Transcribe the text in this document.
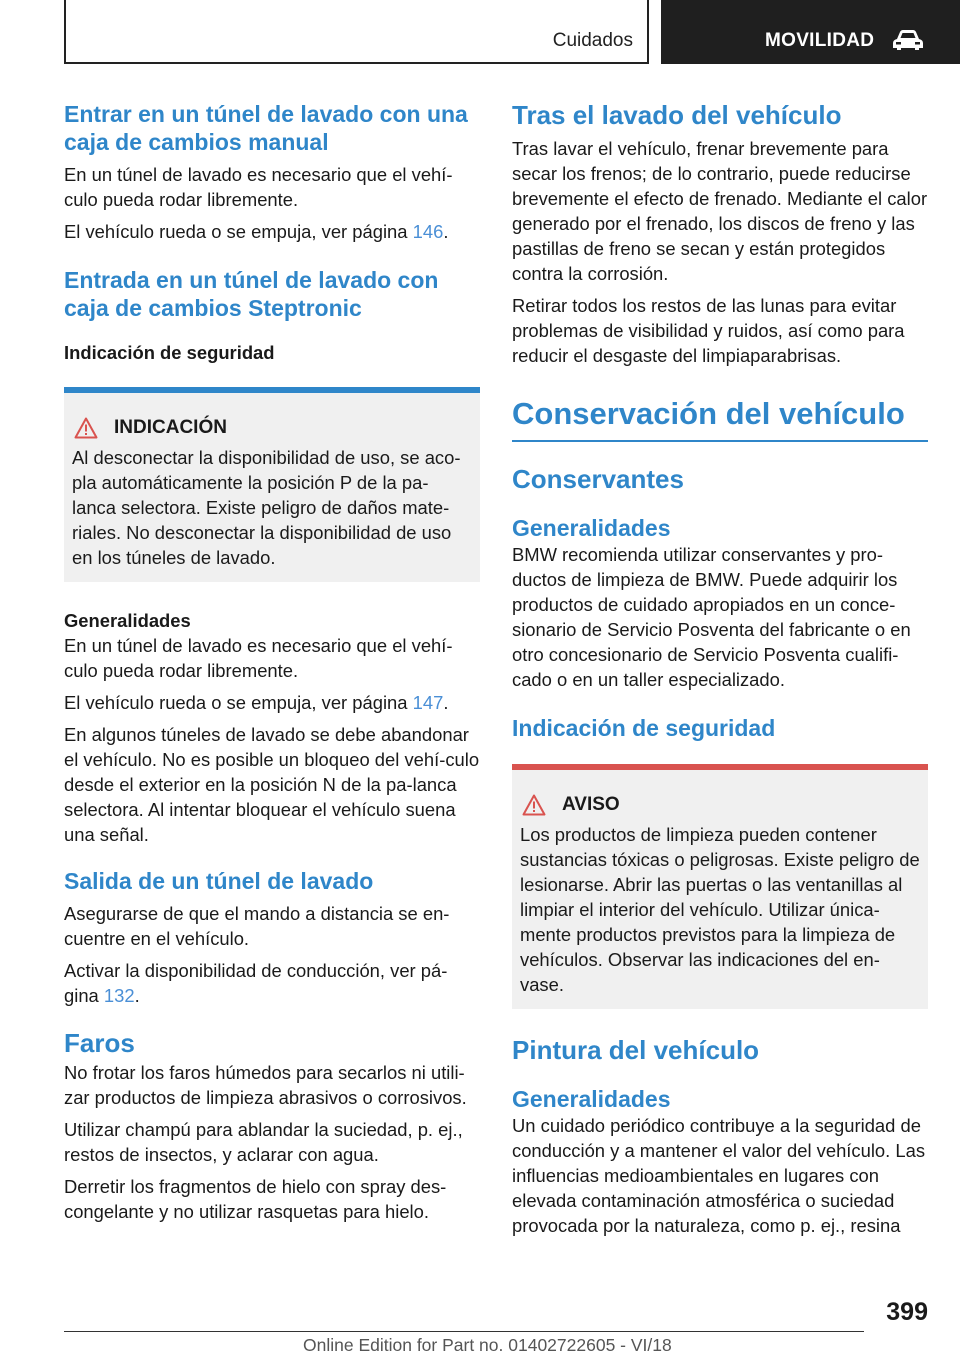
Cuidados	MOVILIDAD
Entrar en un túnel de lavado con una
caja de cambios manual

En un túnel de lavado es necesario que el vehí-culo pueda rodar libremente.

El vehículo rueda o se empuja, ver página 146.

Entrada en un túnel de lavado con
caja de cambios Steptronic
Indicación de seguridad
INDICACIÓN

Al desconectar la disponibilidad de uso, se aco-pla automáticamente la posición P de la pa-lanca selectora. Existe peligro de daños mate-riales. No desconectar la disponibilidad de uso en los túneles de lavado.

Generalidades

En un túnel de lavado es necesario que el vehí-culo pueda rodar libremente.

El vehículo rueda o se empuja, ver página 147.

En algunos túneles de lavado se debe abandonar el vehículo. No es posible un bloqueo del vehí-culo desde el exterior en la posición N de la pa-lanca selectora. Al intentar bloquear el vehículo suena una señal.

Salida de un túnel de lavado

Asegurarse de que el mando a distancia se en-cuentre en el vehículo.

Activar la disponibilidad de conducción, ver pá-gina 132.

Faros

No frotar los faros húmedos para secarlos ni utili-zar productos de limpieza abrasivos o corrosivos.

Utilizar champú para ablandar la suciedad, p. ej., restos de insectos, y aclarar con agua.

Derretir los fragmentos de hielo con spray des-congelante y no utilizar rasquetas para hielo.

Tras el lavado del vehículo

Tras lavar el vehículo, frenar brevemente para secar los frenos; de lo contrario, puede reducirse brevemente el efecto de frenado. Mediante el calor generado por el frenado, los discos de freno y las pastillas de freno se secan y están protegidos contra la corrosión.

Retirar todos los restos de las lunas para evitar problemas de visibilidad y ruidos, así como para reducir el desgaste del limpiaparabrisas.

Conservación del vehículo
Conservantes
Generalidades

BMW recomienda utilizar conservantes y pro-ductos de limpieza de BMW. Puede adquirir los productos de cuidado apropiados en un conce-sionario de Servicio Posventa del fabricante o en otro concesionario de Servicio Posventa cualifi-cado o en un taller especializado.

Indicación de seguridad
AVISO

Los productos de limpieza pueden contener sustancias tóxicas o peligrosas. Existe peligro de lesionarse. Abrir las puertas o las ventanillas al limpiar el interior del vehículo. Utilizar única-mente productos previstos para la limpieza de vehículos. Observar las indicaciones del en-vase.

Pintura del vehículo
Generalidades

Un cuidado periódico contribuye a la seguridad de conducción y a mantener el valor del vehículo. Las influencias medioambientales en lugares con elevada contaminación atmosférica o suciedad provocada por la naturaleza, como p. ej., resina

399
Online Edition for Part no. 01402722605 - VI/18
